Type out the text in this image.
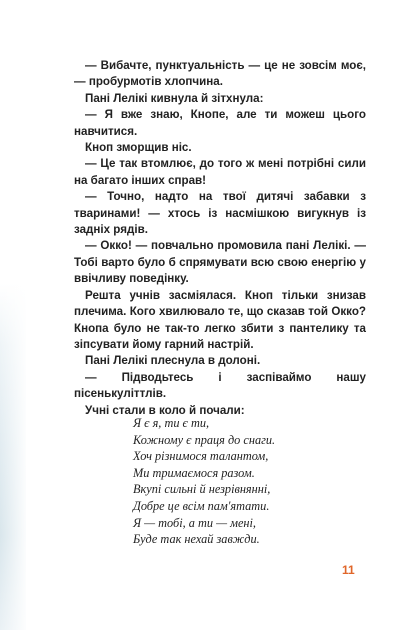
— Вибачте, пунктуальність — це не зовсім моє, — пробурмотів хлопчина.

Пані Лелікі кивнула й зітхнула:

— Я вже знаю, Кнопе, але ти можеш цього навчитися.

Кноп зморщив ніс.

— Це так втомлює, до того ж мені потрібні сили на багато інших справ!

— Точно, надто на твої дитячі забавки з тваринами! — хтось із насмішкою вигукнув із задніх рядів.

— Окко! — повчально промовила пані Лелікі. — Тобі варто було б спрямувати всю свою енергію у ввічливу поведінку.

Решта учнів засміялася. Кноп тільки знизав плечима. Кого хвилювало те, що сказав той Окко? Кнопа було не так-то легко збити з пантелику та зіпсувати йому гарний настрій.

Пані Лелікі плеснула в долоні.

— Підводьтесь і заспіваймо нашу пісенькуліттлів.

Учні стали в коло й почали:

Я є я, ти є ти,
Кожному є праця до снаги.
Хоч різнимося талантом,
Ми тримаємося разом.
Вкупі сильні й незрівнянні,
Добре це всім пам'ятати.
Я — тобі, а ти — мені,
Буде так нехай завжди.
11
